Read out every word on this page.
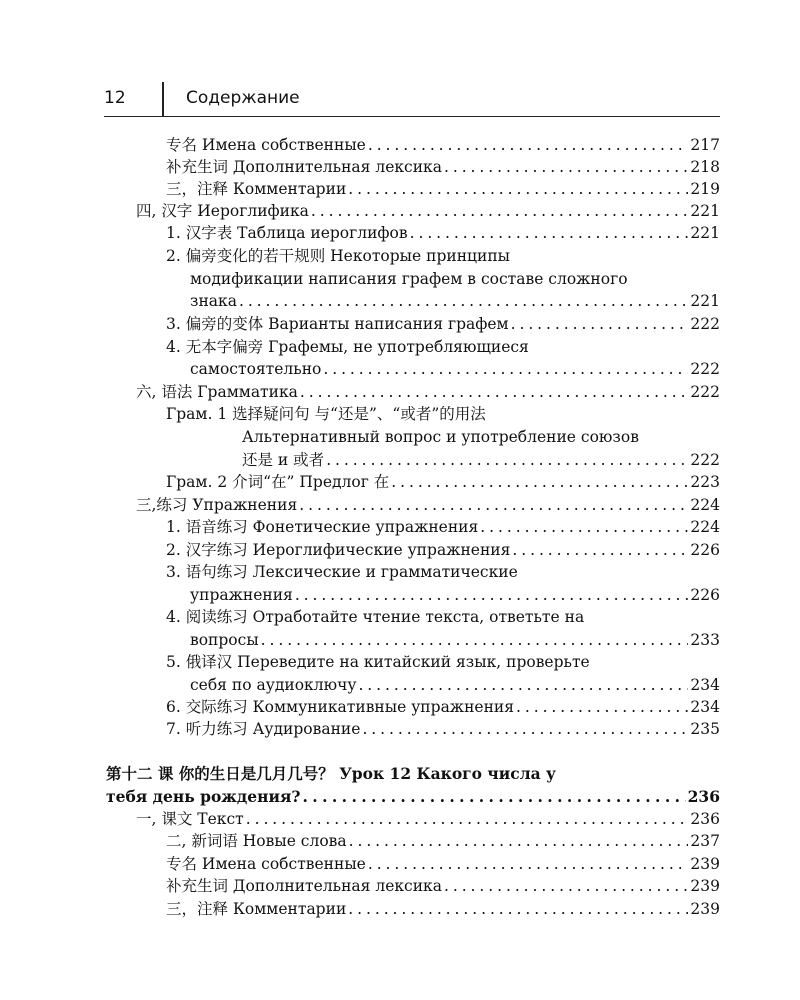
12	Содержание
专名 Имена собственные . . .	217
补充生词 Дополнительная лексика . . .	218
三，注释 Комментарии . . .	219
四, 汉字 Иероглифика . . .	221
1. 汉字表 Таблица иероглифов . . .	221
2. 偏旁变化的若干规则 Некоторые принципы
модификации написания графем в составе сложного
знака . . .	221
3. 偏旁的变体 Варианты написания графем . . .	222
4. 无本字偏旁 Графемы, не употребляющиеся
самостоятельно . . .	222
六, 语法 Грамматика . . .	222
Грам. 1 选择疑问句 与“还是”、“或者”的用法
Альтернативный вопрос и употребление союзов
还是 и 或者 . . .	222
Грам. 2 介词“在” Предлог 在 . . .	223
三,练习 Упражнения . . .	224
1. 语音练习 Фонетические упражнения . . .	224
2. 汉字练习 Иероглифические упражнения . . .	226
3. 语句练习 Лексические и грамматические
упражнения . . .	226
4. 阅读练习 Отработайте чтение текста, ответьте на
вопросы . . .	233
5. 俄译汉 Переведите на китайский язык, проверьте
себя по аудиоключу . . .	234
6. 交际练习 Коммуникативные упражнения . . .	234
7. 听力练习 Аудирование . . .	235
第十二 课 你的生日是几月几号？ Урок 12 Какого числа у
тебя день рождения? . . .	236
一, 课文 Текст . . .	236
二, 新词语 Новые слова . . .	237
专名 Имена собственные . . .	239
补充生词 Дополнительная лексика . . .	239
三，注释 Комментарии . . .	239
